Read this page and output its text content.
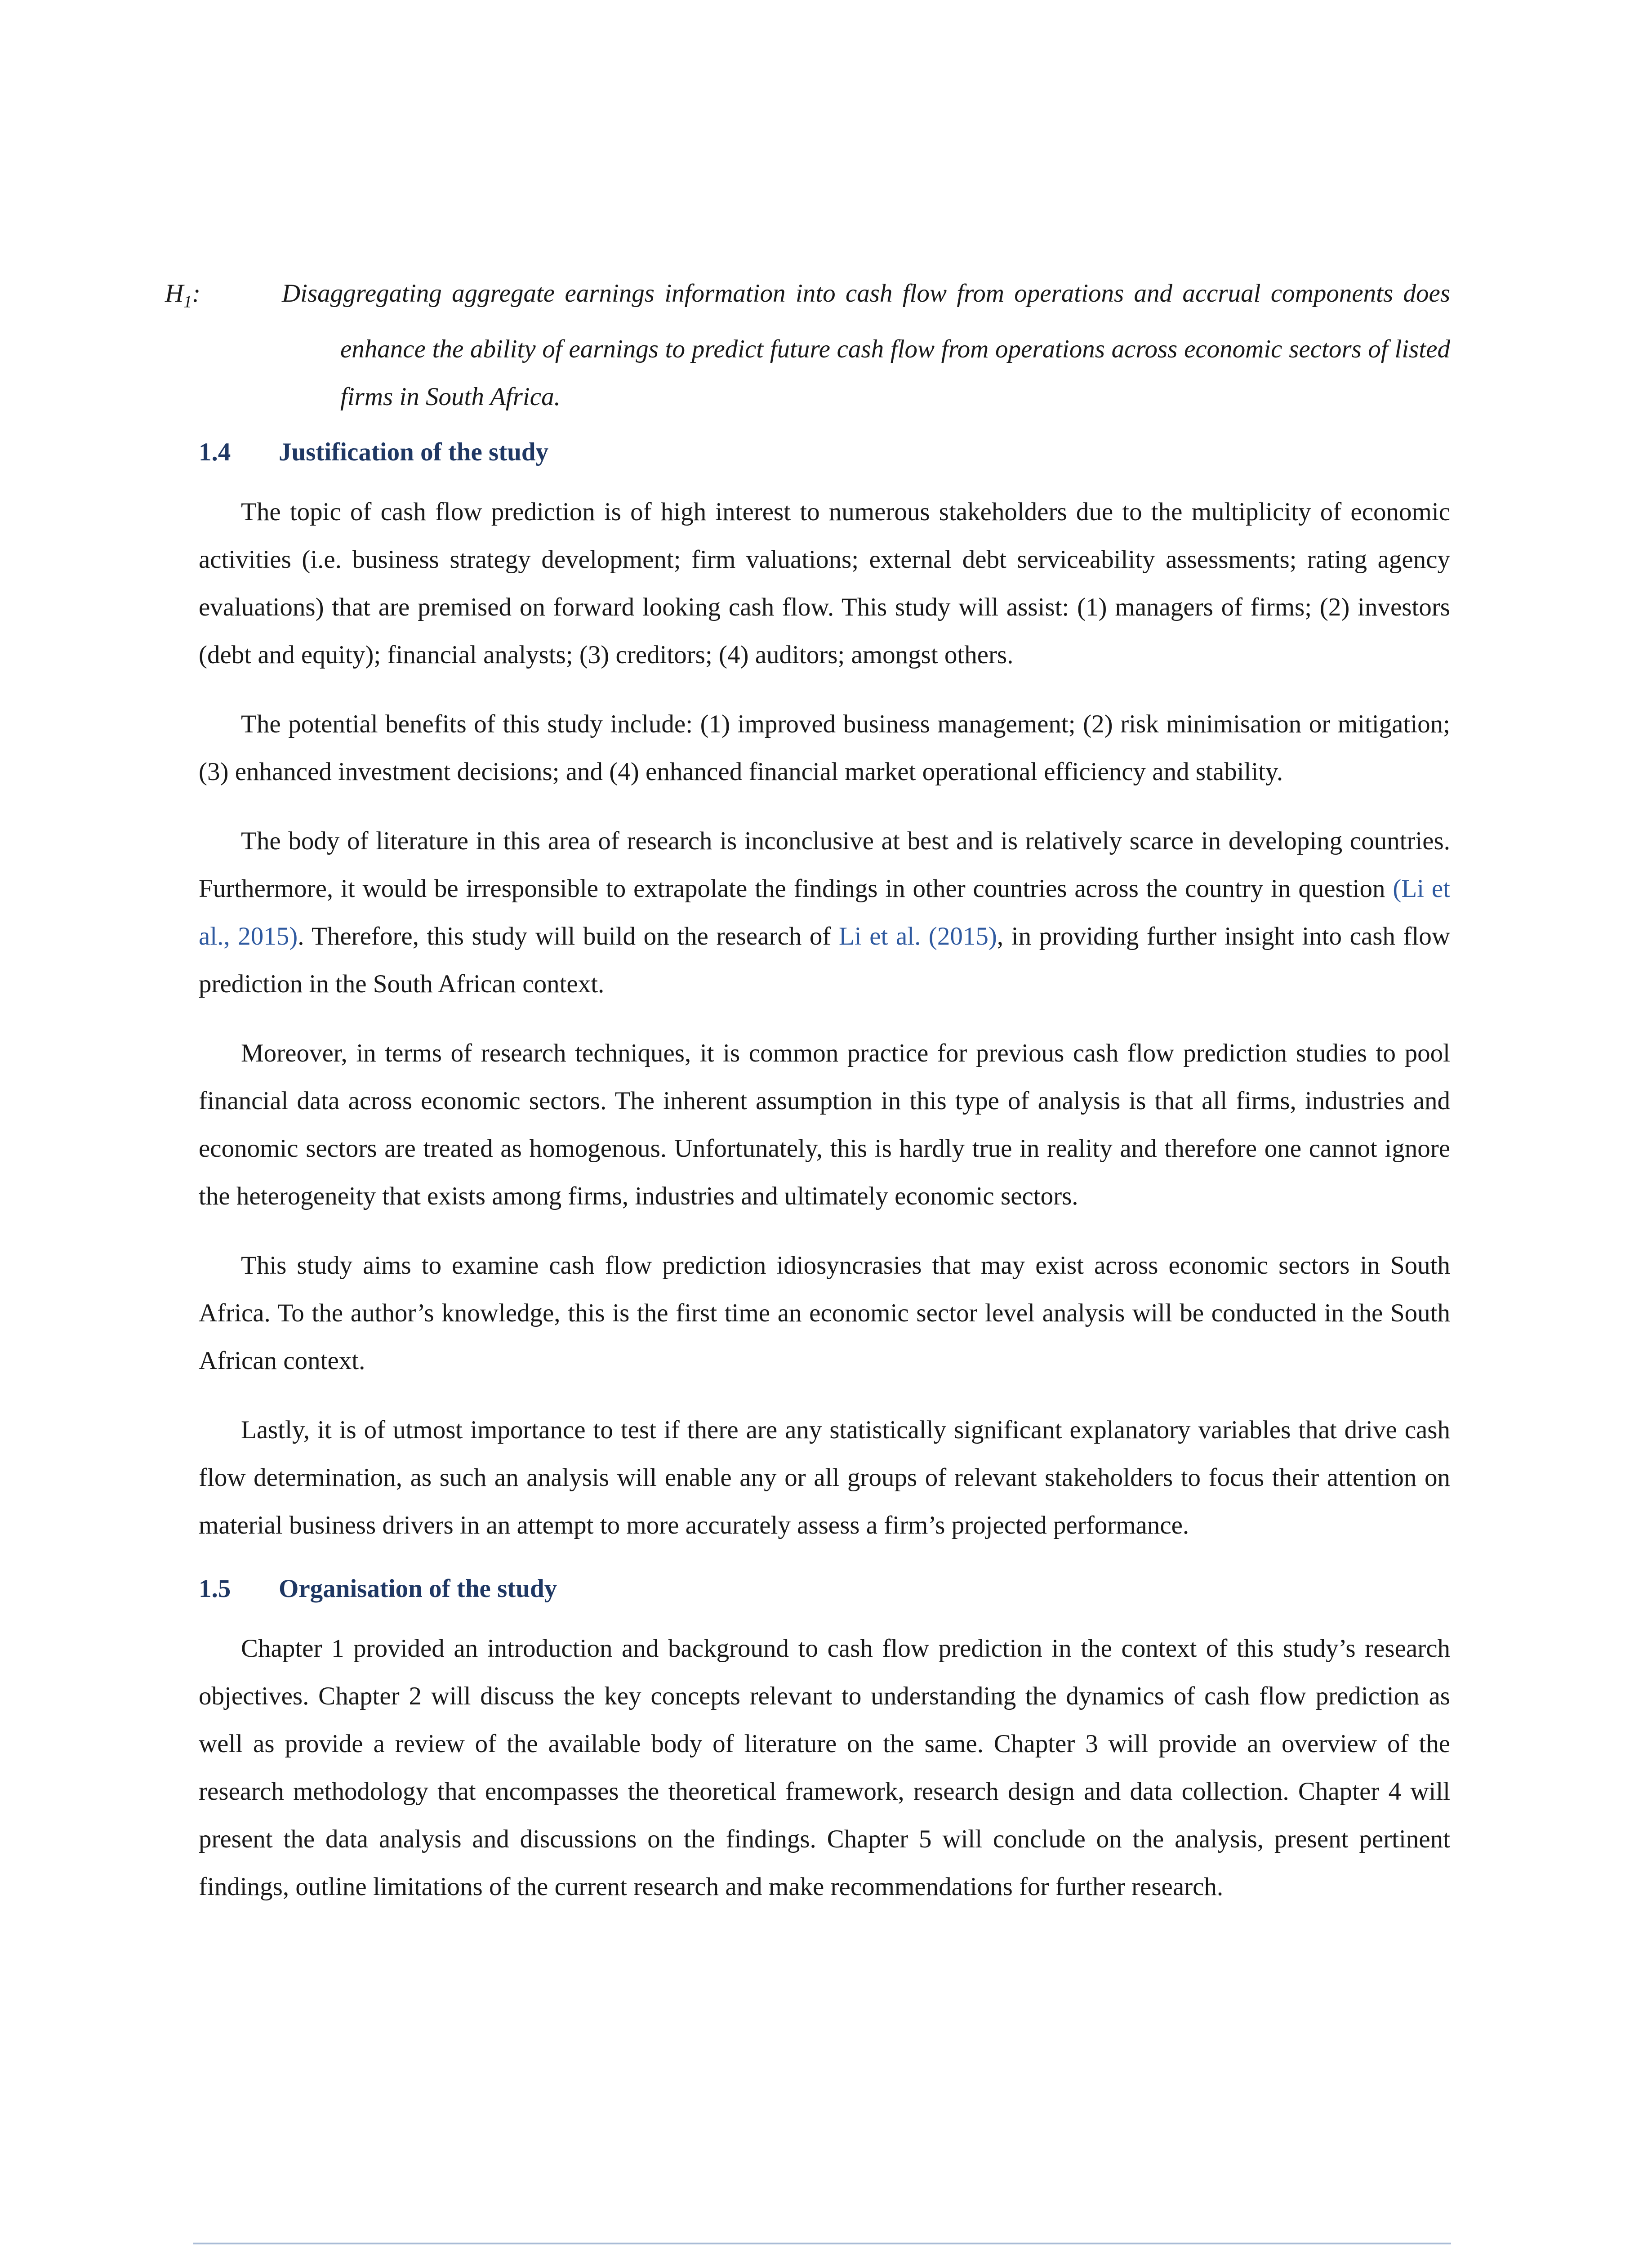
$H_1$:	Disaggregating aggregate earnings information into cash flow from operations and accrual components does enhance the ability of earnings to predict future cash flow from operations across economic sectors of listed firms in South Africa.
1.4 Justification of the study

The topic of cash flow prediction is of high interest to numerous stakeholders due to the multiplicity of economic activities (i.e. business strategy development; firm valuations; external debt serviceability assessments; rating agency evaluations) that are premised on forward looking cash flow. This study will assist: (1) managers of firms; (2) investors (debt and equity); financial analysts; (3) creditors; (4) auditors; amongst others.

The potential benefits of this study include: (1) improved business management; (2) risk minimisation or mitigation; (3) enhanced investment decisions; and (4) enhanced financial market operational efficiency and stability.

The body of literature in this area of research is inconclusive at best and is relatively scarce in developing countries. Furthermore, it would be irresponsible to extrapolate the findings in other countries across the country in question (Li et al., 2015). Therefore, this study will build on the research of Li et al. (2015), in providing further insight into cash flow prediction in the South African context.

Moreover, in terms of research techniques, it is common practice for previous cash flow prediction studies to pool financial data across economic sectors. The inherent assumption in this type of analysis is that all firms, industries and economic sectors are treated as homogenous. Unfortunately, this is hardly true in reality and therefore one cannot ignore the heterogeneity that exists among firms, industries and ultimately economic sectors.

This study aims to examine cash flow prediction idiosyncrasies that may exist across economic sectors in South Africa. To the author’s knowledge, this is the first time an economic sector level analysis will be conducted in the South African context.

Lastly, it is of utmost importance to test if there are any statistically significant explanatory variables that drive cash flow determination, as such an analysis will enable any or all groups of relevant stakeholders to focus their attention on material business drivers in an attempt to more accurately assess a firm’s projected performance.

1.5 Organisation of the study

Chapter 1 provided an introduction and background to cash flow prediction in the context of this study’s research objectives. Chapter 2 will discuss the key concepts relevant to understanding the dynamics of cash flow prediction as well as provide a review of the available body of literature on the same. Chapter 3 will provide an overview of the research methodology that encompasses the theoretical framework, research design and data collection. Chapter 4 will present the data analysis and discussions on the findings. Chapter 5 will conclude on the analysis, present pertinent findings, outline limitations of the current research and make recommendations for further research.
